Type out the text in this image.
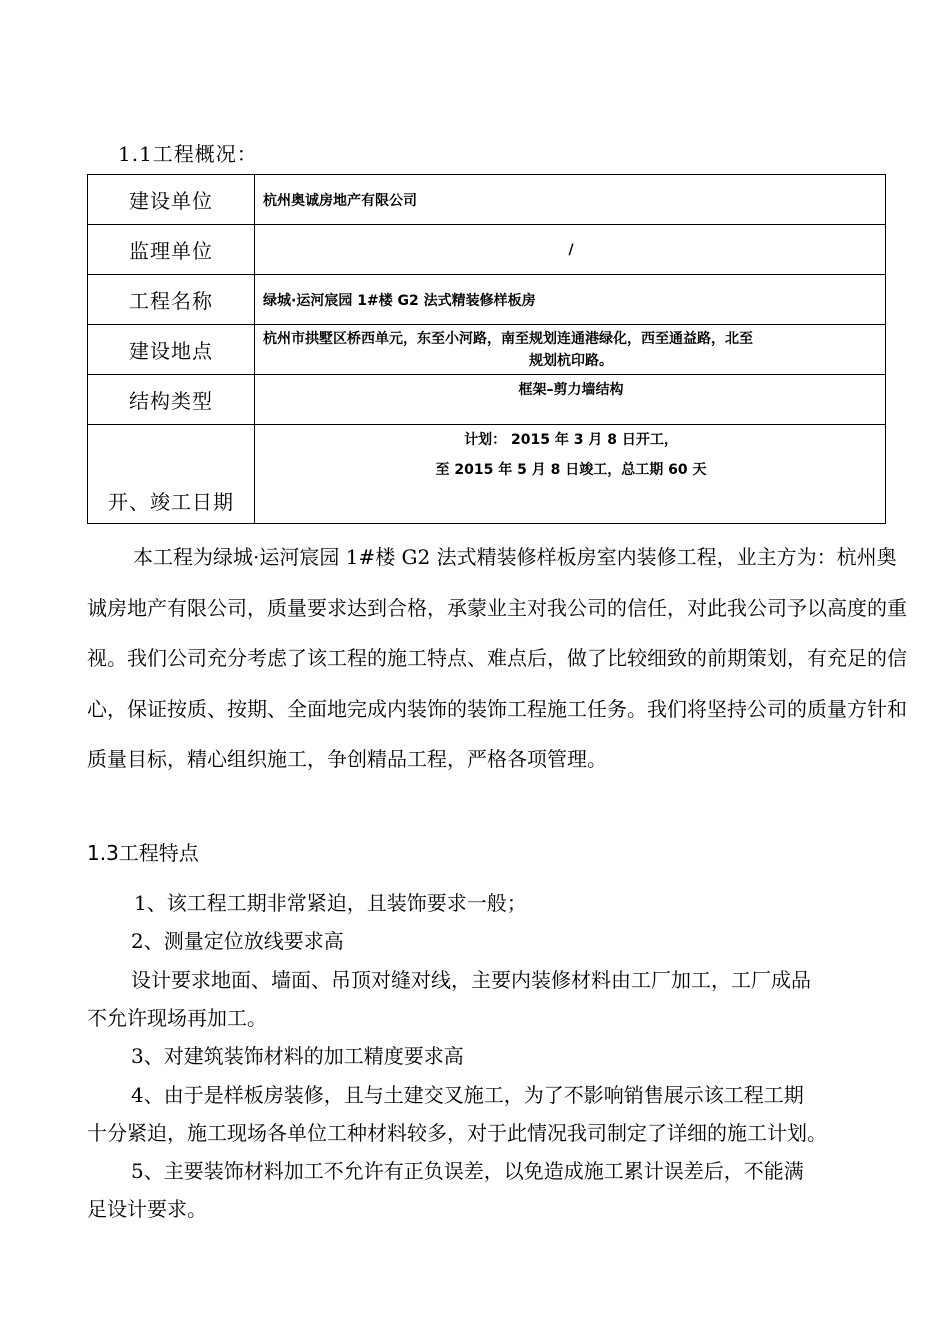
1.1工程概况：
建设单位	杭州奥诚房地产有限公司
监理单位	/
工程名称	绿城·运河宸园 1#楼 G2 法式精装修样板房
建设地点	杭州市拱墅区桥西单元，东至小河路，南至规划连通港绿化，西至通益路，北至
规划杭印路。

结构类型	框架–剪力墙结构

开、竣工日期	计划： 2015 年 3 月 8 日开工，
至 2015 年 5 月 8 日竣工，总工期 60 天

本工程为绿城·运河宸园 1#楼 G2 法式精装修样板房室内装修工程，业主方为：杭州奥诚房地产有限公司，质量要求达到合格，承蒙业主对我公司的信任，对此我公司予以高度的重视。我们公司充分考虑了该工程的施工特点、难点后，做了比较细致的前期策划，有充足的信心，保证按质、按期、全面地完成内装饰的装饰工程施工任务。我们将坚持公司的质量方针和质量目标，精心组织施工，争创精品工程，严格各项管理。

1.3工程特点
1、该工程工期非常紧迫，且装饰要求一般；
2、测量定位放线要求高
设计要求地面、墙面、吊顶对缝对线，主要内装修材料由工厂加工，工厂成品
不允许现场再加工。
3、对建筑装饰材料的加工精度要求高
4、由于是样板房装修，且与土建交叉施工，为了不影响销售展示该工程工期
十分紧迫，施工现场各单位工种材料较多，对于此情况我司制定了详细的施工计划。
5、主要装饰材料加工不允许有正负误差，以免造成施工累计误差后，不能满
足设计要求。
